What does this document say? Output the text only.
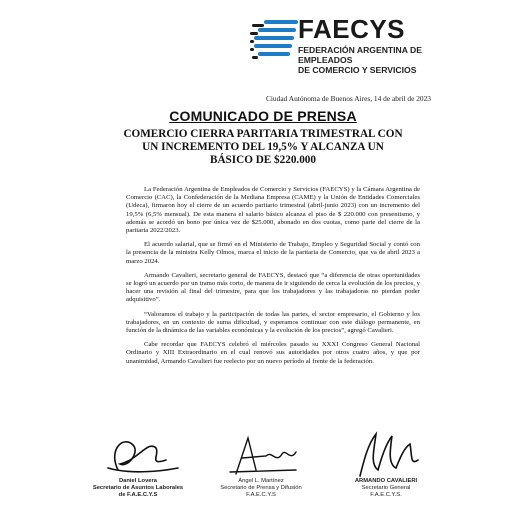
FAECYS
FEDERACIÓN ARGENTINA DE EMPLEADOS
DE COMERCIO Y SERVICIOS
Ciudad Autónoma de Buenos Aires, 14 de abril de 2023
COMUNICADO DE PRENSA
COMERCIO CIERRA PARITARIA TRIMESTRAL CON UN INCREMENTO DEL 19,5% Y ALCANZA UN BÁSICO DE $220.000

La Federación Argentina de Empleados de Comercio y Servicios (FAECYS) y la Cámara Argentina de Comercio (CAC), la Confederación de la Mediana Empresa (CAME) y la Unión de Entidades Comerciales (Udeca), firmaron hoy el cierre de un acuerdo paritario trimestral (abril-junio 2023) con un incremento del 19,5% (6,5% mensual). De esta manera el salario básico alcanza el piso de $ 220.000 con presentismo, y además se acordó un bono por única vez de $25.000, abonado en dos cuotas, como parte del cierre de la paritaria 2022/2023.

El acuerdo salarial, que se firmó en el Ministerio de Trabajo, Empleo y Seguridad Social y contó con la presencia de la ministra Kelly Olmos, marca el inicio de la paritaria de Comercio, que va de abril 2023 a marzo 2024.

Armando Cavalieri, secretario general de FAECYS, destacó que “a diferencia de otras oportunidades se logró un acuerdo por un tramo más corto, de manera de ir siguiendo de cerca la evolución de los precios, y hacer una revisión al final del trimestre, para que los trabajadores y las trabajadoras no pierdan poder adquisitivo”.

“Valoramos el trabajo y la participación de todas las partes, el sector empresario, el Gobierno y los trabajadores, en un contexto de suma dificultad, y esperamos continuar con este diálogo permanente, en función de la dinámica de las variables económicas y la evolución de los precios”, agregó Cavalieri.

Cabe recordar que FAECYS celebró el miércoles pasado su XXXI Congreso General Nacional Ordinario y XIII Extraordinario en el cual renovó sus autoridades por otros cuatro años, y que por unanimidad, Armando Cavalieri fue reelecto por un nuevo período al frente de la federación.

Daniel Lovera
Secretario de Asuntos Laborales
de F.A.E.C.Y.S
Ángel L. Martínez
Secretario de Prensa y Difusión
F.A.E.C.Y.S
ARMANDO CAVALIERI
Secretario General
F.A.E.C.Y.S.
